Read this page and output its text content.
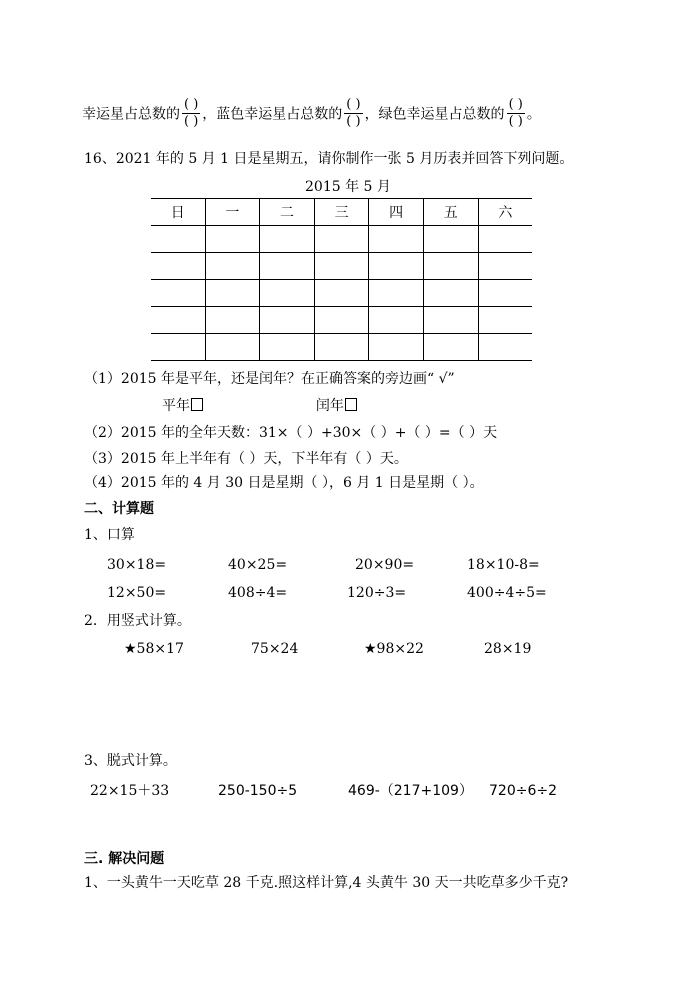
幸运星占总数的 $\frac{( )}{( )}$ ，蓝色幸运星占总数的 $\frac{( )}{( )}$ ，绿色幸运星占总数的 $\frac{( )}{( )}$ 。
16、2021 年的 5 月 1 日是星期五，请你制作一张 5 月历表并回答下列问题。
2015 年 5 月
日	一	二	三	四	五	六

（1）2015 年是平年，还是闰年？在正确答案的旁边画“ √”
平年	闰年
（2）2015 年的全年天数：31×（ ）+30×（ ）+（ ）=（ ）天
（3）2015 年上半年有（ ）天，下半年有（ ）天。
（4）2015 年的 4 月 30 日是星期（ ），6 月 1 日是星期（ ）。
二、计算题
1、口算
30×18=	40×25=	20×90=	18×10-8=
12×50=	408÷4=	120÷3=	400÷4÷5=
2．用竖式计算。
★58×17	75×24	★98×22	28×19
3、脱式计算。
22×15＋33	250-150÷5	469-（217+109） 720÷6÷2
三. 解决问题
1、一头黄牛一天吃草 28 千克.照这样计算,4 头黄牛 30 天一共吃草多少千克?
